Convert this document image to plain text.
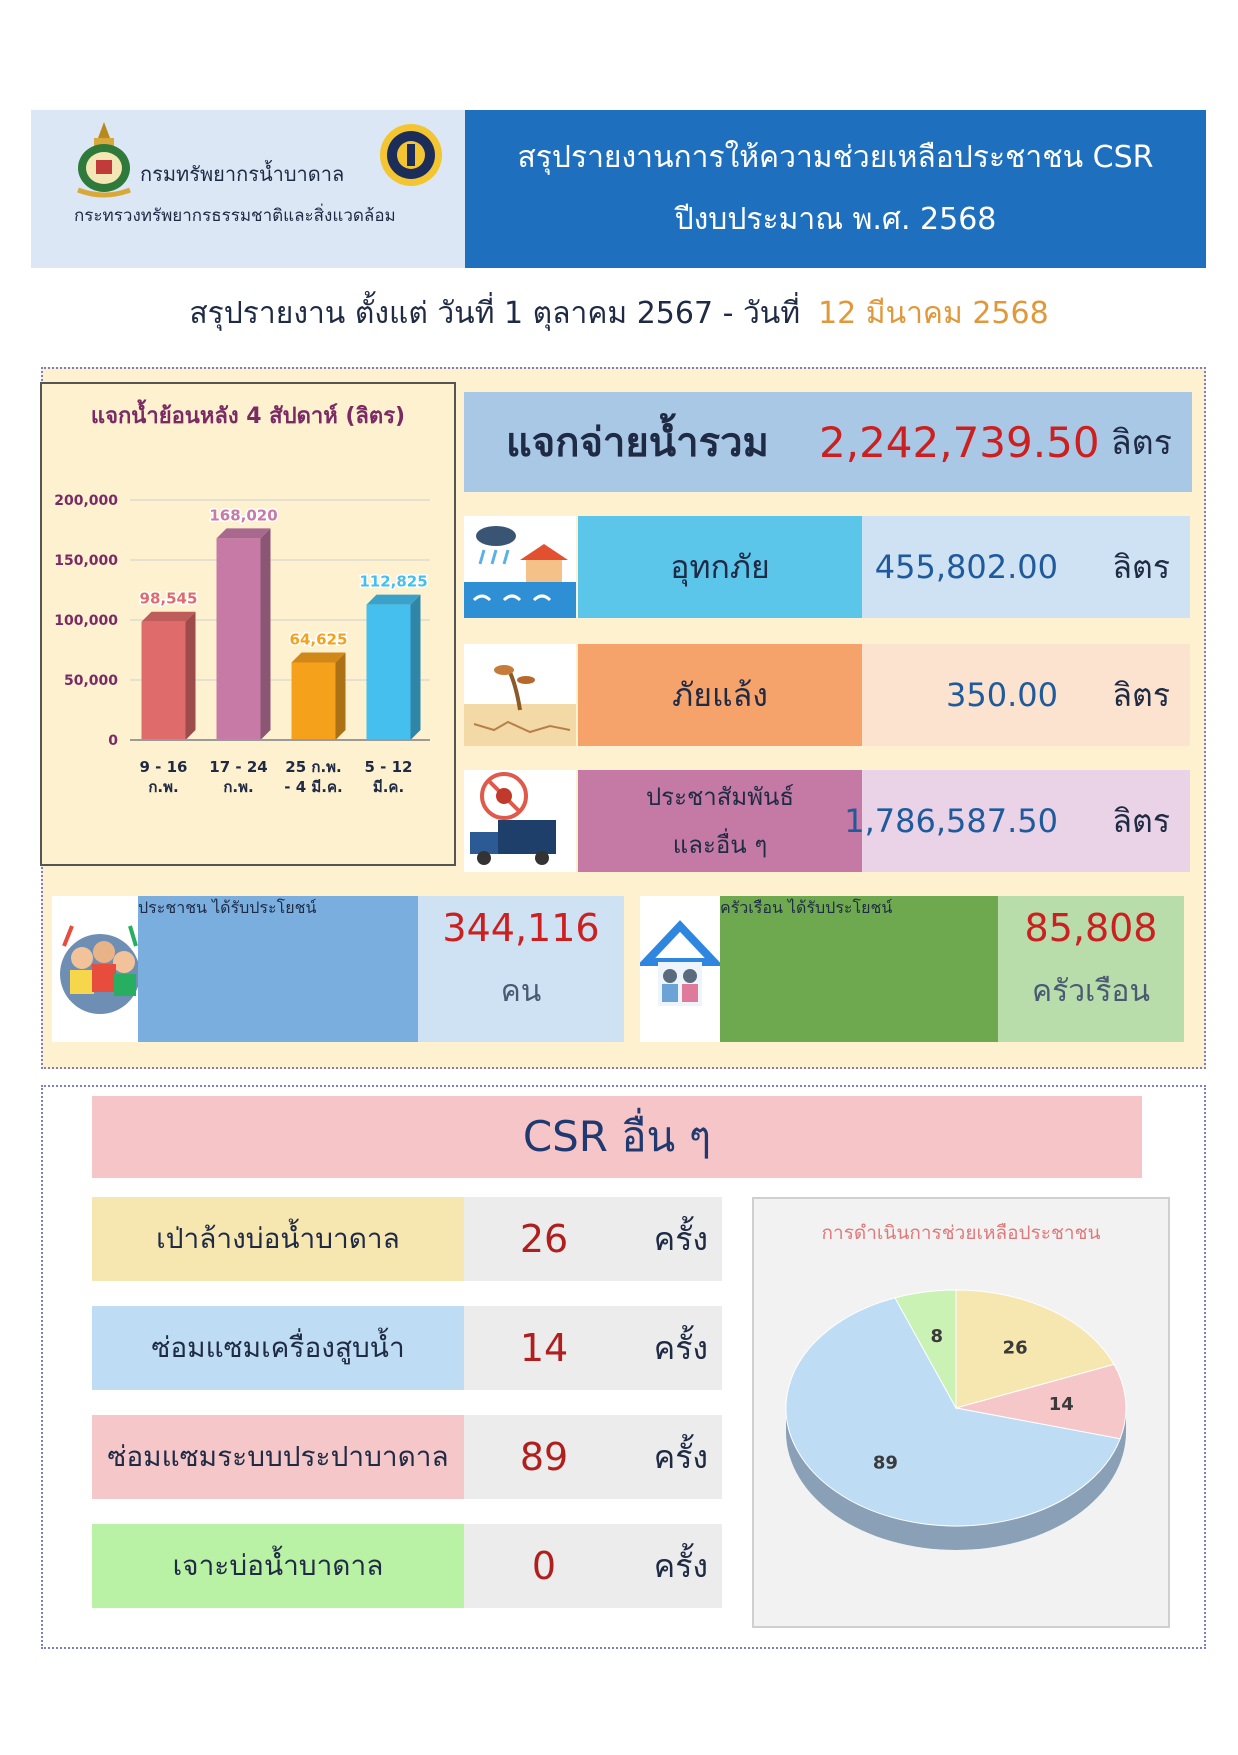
กรมทรัพยากรน้ำบาดาล
กระทรวงทรัพยากรธรรมชาติและสิ่งแวดล้อม
สรุปรายงานการให้ความช่วยเหลือประชาชน CSR
ปีงบประมาณ พ.ศ. 2568
สรุปรายงาน ตั้งแต่ วันที่ 1 ตุลาคม 2567 - วันที่ 12 มีนาคม 2568
แจกน้ำย้อนหลัง 4 สัปดาห์ (ลิตร)
200,000
150,000
100,000
50,000
0
98,545
9 - 16
ก.พ.
168,020
17 - 24
ก.พ.
64,625
25 ก.พ.
- 4 มี.ค.
112,825
5 - 12
มี.ค.
แจกจ่ายน้ำรวม 2,242,739.50 ลิตร
อุทกภัย	455,802.00 ลิตร
ภัยแล้ง	350.00 ลิตร
ประชาสัมพันธ์
และอื่น ๆ
1,786,587.50 ลิตร
ประชาชน ได้รับประโยชน์	344,116
คน
ครัวเรือน ได้รับประโยชน์	85,808
ครัวเรือน
CSR อื่น ๆ
เป่าล้างบ่อน้ำบาดาล	26	ครั้ง
ซ่อมแซมเครื่องสูบน้ำ	14	ครั้ง
ซ่อมแซมระบบประปาบาดาล	89	ครั้ง
เจาะบ่อน้ำบาดาล	0	ครั้ง
การดำเนินการช่วยเหลือประชาชน
26
14
89
8
